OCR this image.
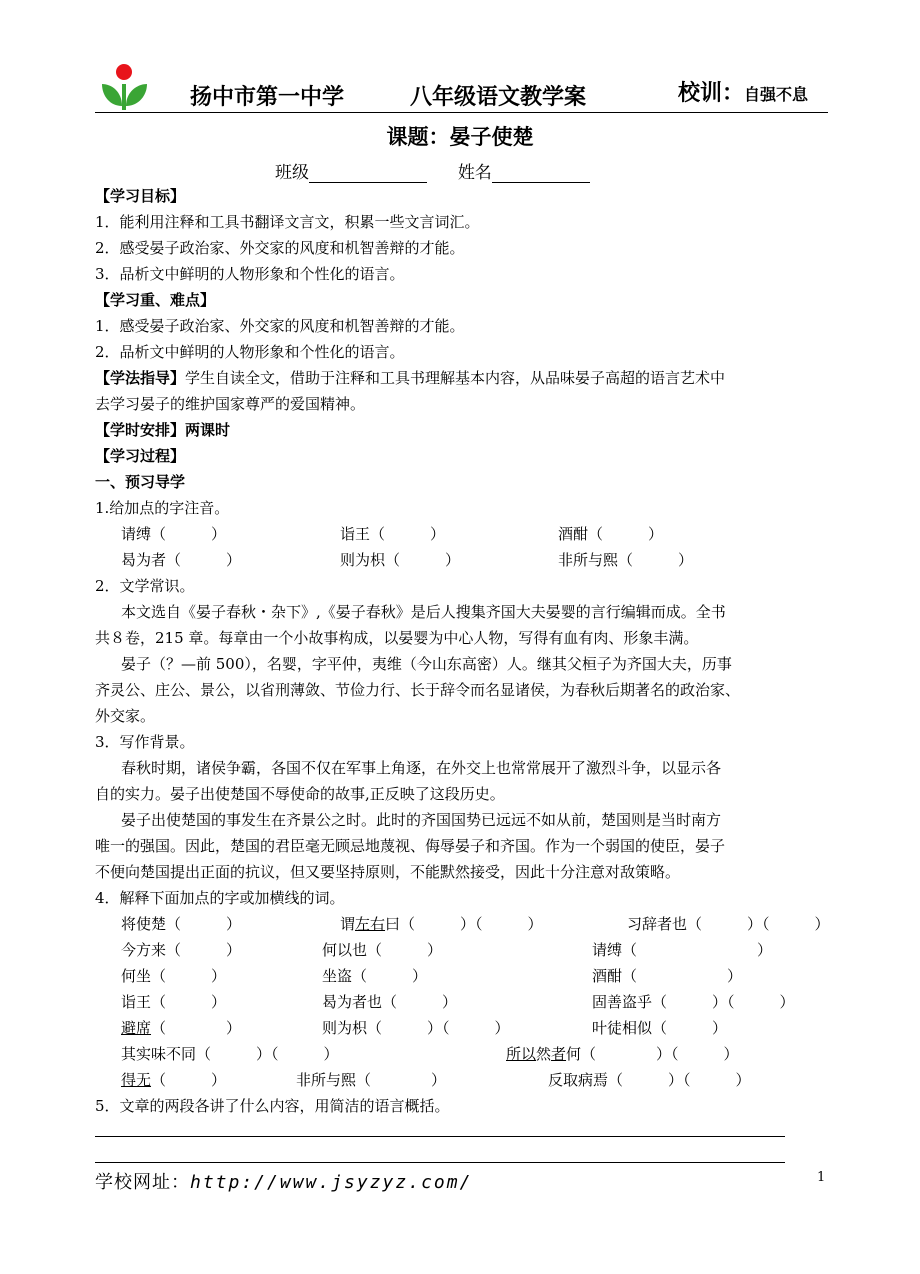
扬中市第一中学	八年级语文教学案	校训：自强不息
课题：晏子使楚
班级	姓名
【学习目标】
1．能利用注释和工具书翻译文言文，积累一些文言词汇。
2．感受晏子政治家、外交家的风度和机智善辩的才能。
3．品析文中鲜明的人物形象和个性化的语言。
【学习重、难点】
1．感受晏子政治家、外交家的风度和机智善辩的才能。
2．品析文中鲜明的人物形象和个性化的语言。
【学法指导】学生自读全文，借助于注释和工具书理解基本内容，从品味晏子高超的语言艺术中
去学习晏子的维护国家尊严的爱国精神。
【学时安排】两课时
【学习过程】
一、预习导学
1.给加点的字注音。
请缚（　　　）	诣王（　　　）	酒酣（　　　）
曷为者（　　　）	则为枳（　　　）	非所与熙（　　　）
2．文学常识。
本文选自《晏子春秋・杂下》,《晏子春秋》是后人搜集齐国大夫晏婴的言行编辑而成。全书
共８卷，215 章。每章由一个小故事构成，以晏婴为中心人物，写得有血有肉、形象丰满。
晏子（？—前 500），名婴，字平仲，夷维（今山东高密）人。继其父桓子为齐国大夫，历事
齐灵公、庄公、景公，以省刑薄敛、节俭力行、长于辞令而名显诸侯，为春秋后期著名的政治家、
外交家。
3．写作背景。
春秋时期，诸侯争霸，各国不仅在军事上角逐，在外交上也常常展开了激烈斗争，以显示各
自的实力。晏子出使楚国不辱使命的故事,正反映了这段历史。
晏子出使楚国的事发生在齐景公之时。此时的齐国国势已远远不如从前，楚国则是当时南方
唯一的强国。因此，楚国的君臣毫无顾忌地蔑视、侮辱晏子和齐国。作为一个弱国的使臣，晏子
不便向楚国提出正面的抗议，但又要坚持原则，不能默然接受，因此十分注意对敌策略。
4．解释下面加点的字或加横线的词。
将使楚（　　　）	谓左右曰（　　　）（　　　）	习辞者也（　　　）（　　　）
今方来（　　　）	何以也（　　　）	请缚（　　　　　　　　）
何坐（　　　）	坐盗（　　　）	酒酣（　　　　　　）
诣王（　　　）	曷为者也（　　　）	固善盗乎（　　　）（　　　）
避席（　　　　）	则为枳（　　　）（　　　）	叶徒相似（　　　）
其实味不同（　　　）（　　　）	所以然者何（　　　　）（　　　）
得无（　　　）	非所与熙（　　　　）	反取病焉（　　　）（　　　）
5．文章的两段各讲了什么内容，用简洁的语言概括。
学校网址：http://www.jsyzyz.com/	1
